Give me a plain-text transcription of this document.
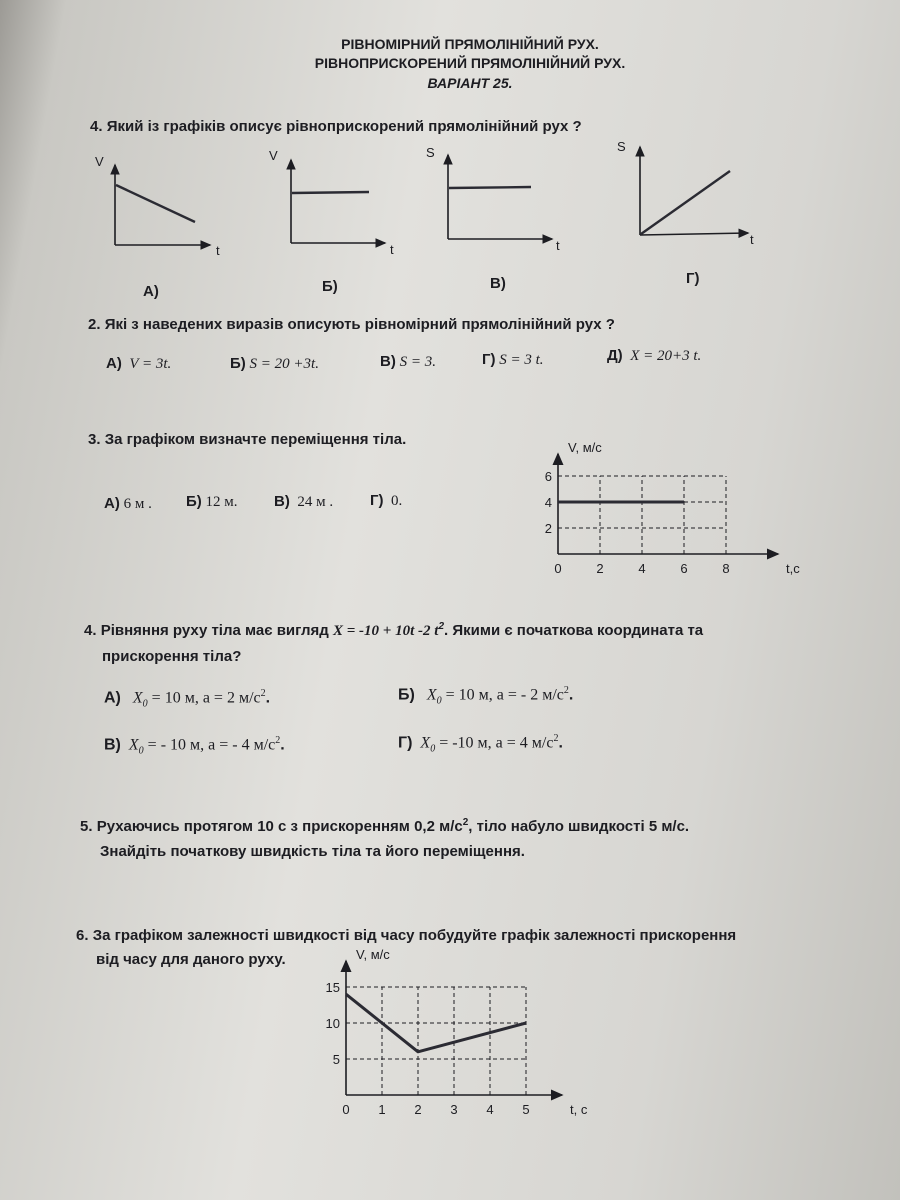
РІВНОМІРНИЙ ПРЯМОЛІНІЙНИЙ РУХ.
РІВНОПРИСКОРЕНИЙ ПРЯМОЛІНІЙНИЙ РУХ.
ВАРІАНТ 25.
4. Який із графіків описує рівноприскорений прямолінійний рух ?
V
t
V
t
S
t
S
t
А)	Б)	В)	Г)
2. Які з наведених виразів описують рівномірний прямолінійний рух ?
А) V = 3t.	Б) S = 20 +3t.	В) S = 3.	Г) S = 3 t.	Д) X = 20+3 t.
3. За графіком визначте переміщення тіла.
А) 6 м . Б) 12 м. В) 24 м . Г) 0.
0	2	4	6	8
2
4
6
t,с
V, м/с
4. Рівняння руху тіла має вигляд X = -10 + 10t -2 $t^2$. Якими є початкова координата та
прискорення тіла?
А) $X_0 = 10$ м, a = 2 $м/с^2$.	Б) $X_0 = 10$ м, a = - 2 $м/с^2$.
В) $X_0$ = - 10 м, a = - 4 $м/с^2$.	Г) $X_0 = -10$ м, a = 4 $м/с^2$.
5. Рухаючись протягом 10 с з прискоренням 0,2 $м/с^2$, тіло набуло швидкості 5 м/с.
Знайдіть початкову швидкість тіла та його переміщення.
6. За графіком залежності швидкості від часу побудуйте графік залежності прискорення
від часу для даного руху.
0 1 2 3 4 5
5
10
15
t, с
V, м/с
